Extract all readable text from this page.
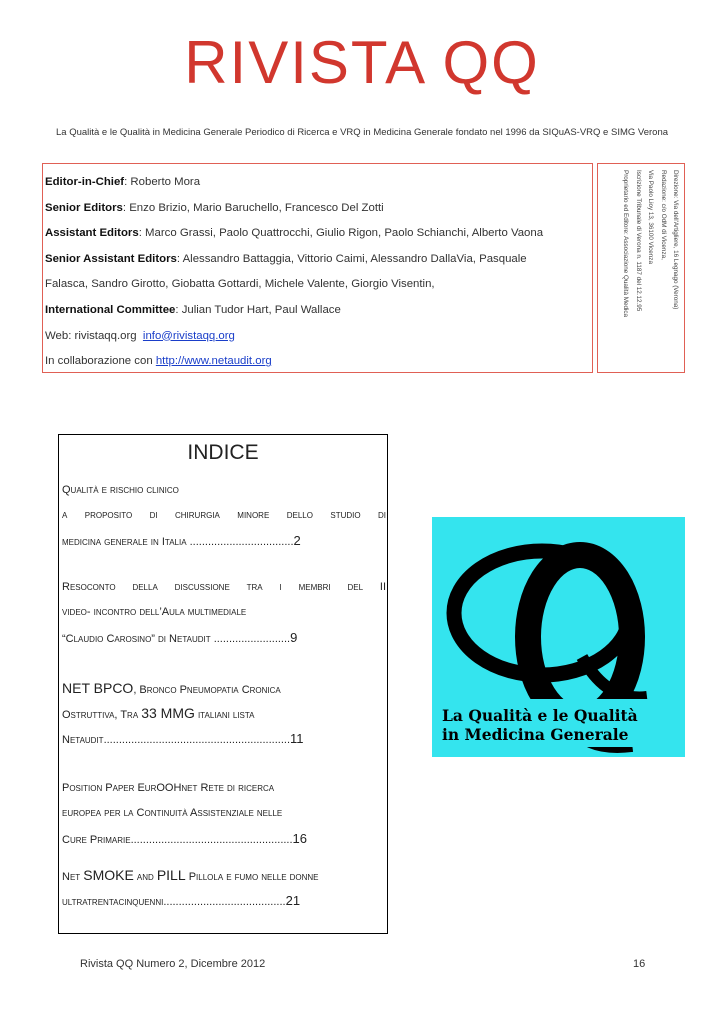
RIVISTA QQ
La Qualità e le Qualità in Medicina Generale Periodico di Ricerca e VRQ in Medicina Generale fondato nel 1996 da SIQuAS-VRQ e SIMG Verona
Editor-in-Chief: Roberto Mora
Senior Editors: Enzo Brizio, Mario Baruchello, Francesco Del Zotti
Assistant Editors: Marco Grassi, Paolo Quattrocchi, Giulio Rigon, Paolo Schianchi, Alberto Vaona
Senior Assistant Editors: Alessandro Battaggia, Vittorio Caimi, Alessandro DallaVia, Pasquale
Falasca, Sandro Girotto, Giobatta Gottardi, Michele Valente, Giorgio Visentin,
International Committee: Julian Tudor Hart, Paul Wallace
Web: rivistaqq.org  info@rivistaqq.org
In collaborazione con http://www.netaudit.org
Direzione: Via dell'Artigliere, 16 Legnago (Verona)
Redazione: c/o OdM di Vicenza,
Via Paolo Lioy 13, 36100 Vicenza
Iscrizione Tribunale di Verona n. 1187 del 12.12.95
Proprietario ed Editore: Associazione Qualità Medica
INDICE
Qualità e rischio clinico
a proposito di chirurgia minore dello studio di
medicina generale in Italia ..................................2
Resoconto della discussione tra i membri del II
video- incontro dell’Aula multimediale
“Claudio Carosino” di Netaudit .........................9
NET BPCO, Bronco Pneumopatia Cronica
Ostruttiva, Tra 33 MMG italiani lista
Netaudit.............................................................11
Position Paper EurOOHnet Rete di ricerca
europea per la Continuità Assistenziale nelle
Cure Primarie.....................................................16
Net SMOKE and PILL Pillola e fumo nelle donne
ultratrentacinquenni........................................21
La Qualità e le Qualità
in Medicina Generale
Rivista QQ Numero 2, Dicembre 2012	16
